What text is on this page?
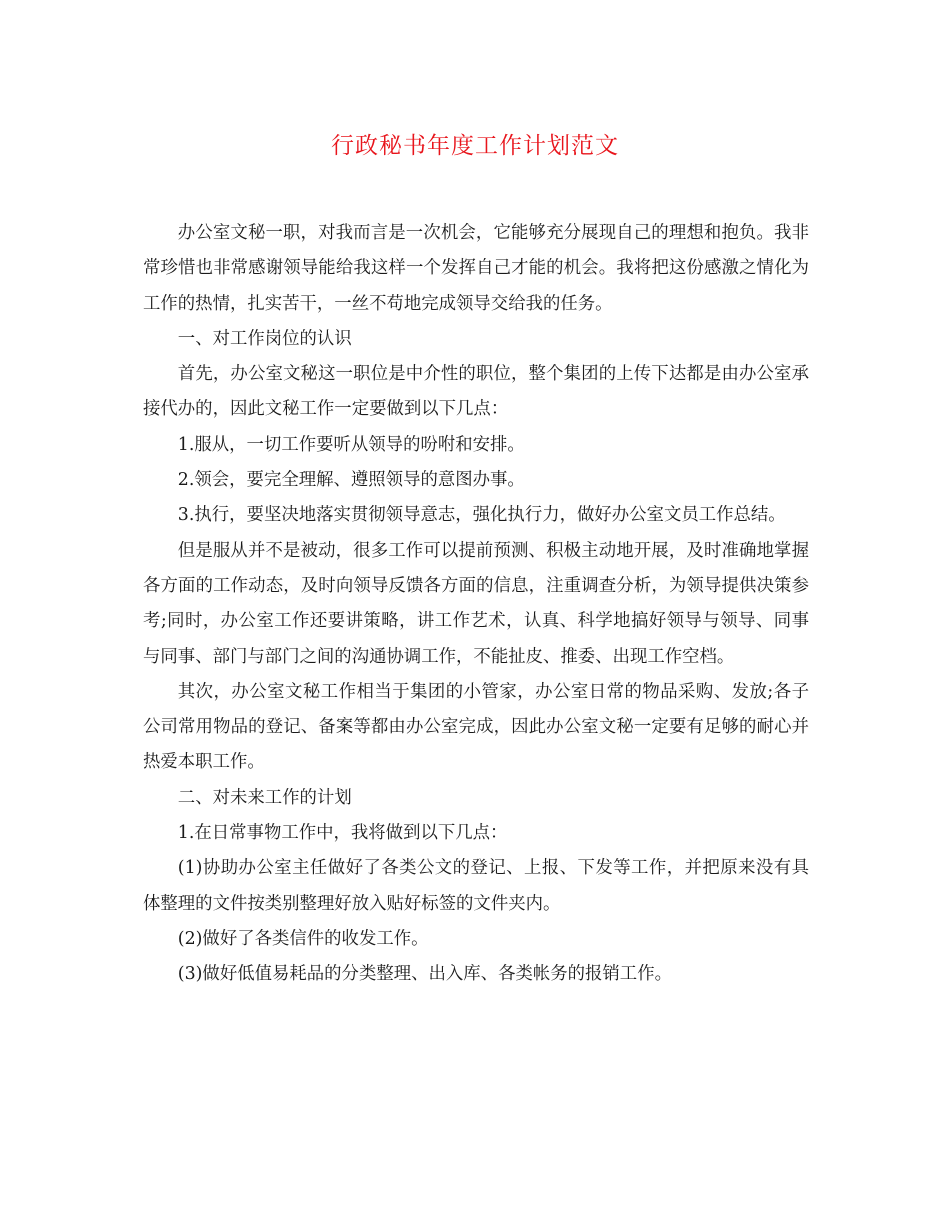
行政秘书年度工作计划范文

办公室文秘一职，对我而言是一次机会，它能够充分展现自己的理想和抱负。我非常珍惜也非常感谢领导能给我这样一个发挥自己才能的机会。我将把这份感激之情化为工作的热情，扎实苦干，一丝不苟地完成领导交给我的任务。

一、对工作岗位的认识

首先，办公室文秘这一职位是中介性的职位，整个集团的上传下达都是由办公室承接代办的，因此文秘工作一定要做到以下几点：

1.服从，一切工作要听从领导的吩咐和安排。

2.领会，要完全理解、遵照领导的意图办事。

3.执行，要坚决地落实贯彻领导意志，强化执行力，做好办公室文员工作总结。

但是服从并不是被动，很多工作可以提前预测、积极主动地开展，及时准确地掌握各方面的工作动态，及时向领导反馈各方面的信息，注重调查分析，为领导提供决策参考;同时，办公室工作还要讲策略，讲工作艺术，认真、科学地搞好领导与领导、同事与同事、部门与部门之间的沟通协调工作，不能扯皮、推委、出现工作空档。

其次，办公室文秘工作相当于集团的小管家，办公室日常的物品采购、发放;各子公司常用物品的登记、备案等都由办公室完成，因此办公室文秘一定要有足够的耐心并热爱本职工作。

二、对未来工作的计划

1.在日常事物工作中，我将做到以下几点：

(1)协助办公室主任做好了各类公文的登记、上报、下发等工作，并把原来没有具体整理的文件按类别整理好放入贴好标签的文件夹内。

(2)做好了各类信件的收发工作。

(3)做好低值易耗品的分类整理、出入库、各类帐务的报销工作。
